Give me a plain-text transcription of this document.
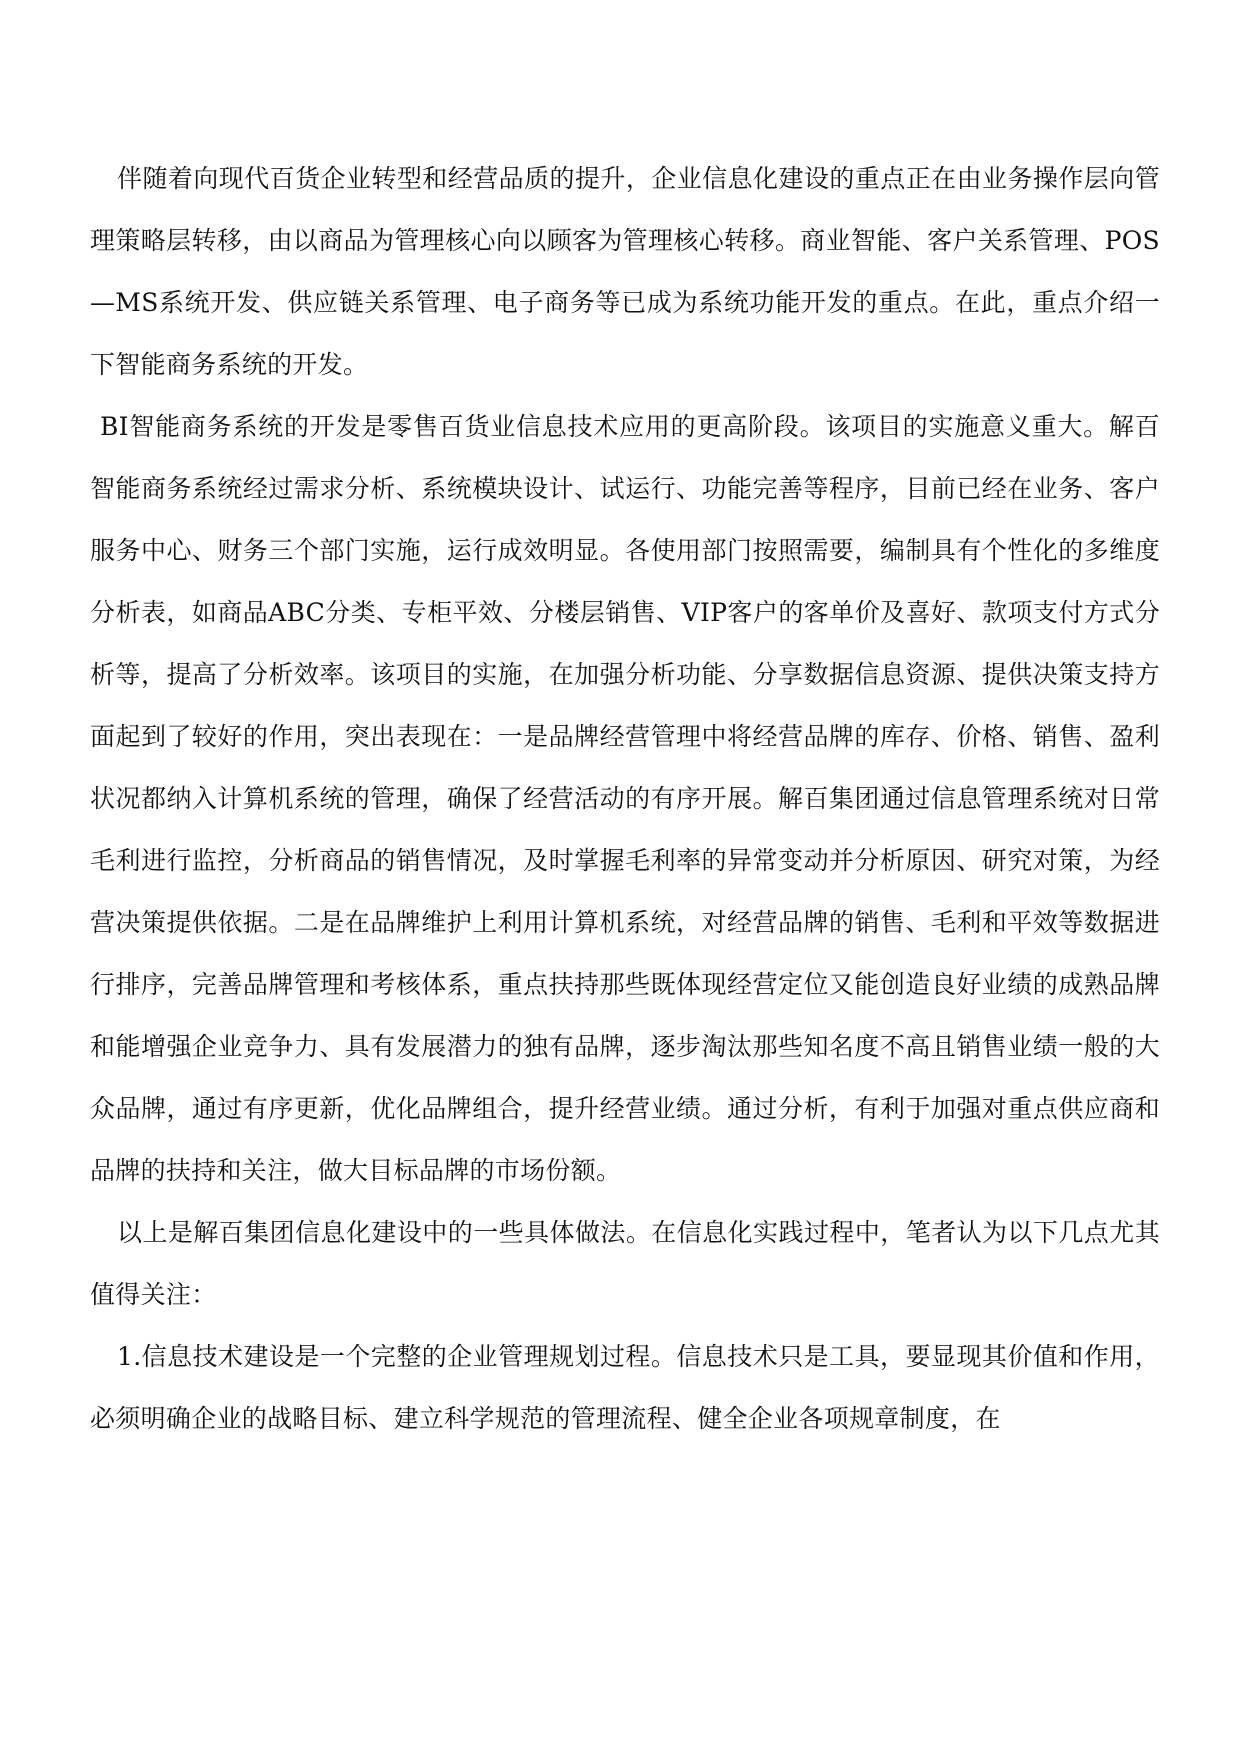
伴随着向现代百货企业转型和经营品质的提升，企业信息化建设的重点正在由业务操作层向管理策略层转移，由以商品为管理核心向以顾客为管理核心转移。商业智能、客户关系管理、POS—MS系统开发、供应链关系管理、电子商务等已成为系统功能开发的重点。在此，重点介绍一下智能商务系统的开发。

BI智能商务系统的开发是零售百货业信息技术应用的更高阶段。该项目的实施意义重大。解百智能商务系统经过需求分析、系统模块设计、试运行、功能完善等程序，目前已经在业务、客户服务中心、财务三个部门实施，运行成效明显。各使用部门按照需要，编制具有个性化的多维度分析表，如商品ABC分类、专柜平效、分楼层销售、VIP客户的客单价及喜好、款项支付方式分析等，提高了分析效率。该项目的实施，在加强分析功能、分享数据信息资源、提供决策支持方面起到了较好的作用，突出表现在：一是品牌经营管理中将经营品牌的库存、价格、销售、盈利状况都纳入计算机系统的管理，确保了经营活动的有序开展。解百集团通过信息管理系统对日常毛利进行监控，分析商品的销售情况，及时掌握毛利率的异常变动并分析原因、研究对策，为经营决策提供依据。二是在品牌维护上利用计算机系统，对经营品牌的销售、毛利和平效等数据进行排序，完善品牌管理和考核体系，重点扶持那些既体现经营定位又能创造良好业绩的成熟品牌和能增强企业竞争力、具有发展潜力的独有品牌，逐步淘汰那些知名度不高且销售业绩一般的大众品牌，通过有序更新，优化品牌组合，提升经营业绩。通过分析，有利于加强对重点供应商和品牌的扶持和关注，做大目标品牌的市场份额。

以上是解百集团信息化建设中的一些具体做法。在信息化实践过程中，笔者认为以下几点尤其值得关注：

1.信息技术建设是一个完整的企业管理规划过程。信息技术只是工具，要显现其价值和作用，必须明确企业的战略目标、建立科学规范的管理流程、健全企业各项规章制度，在
